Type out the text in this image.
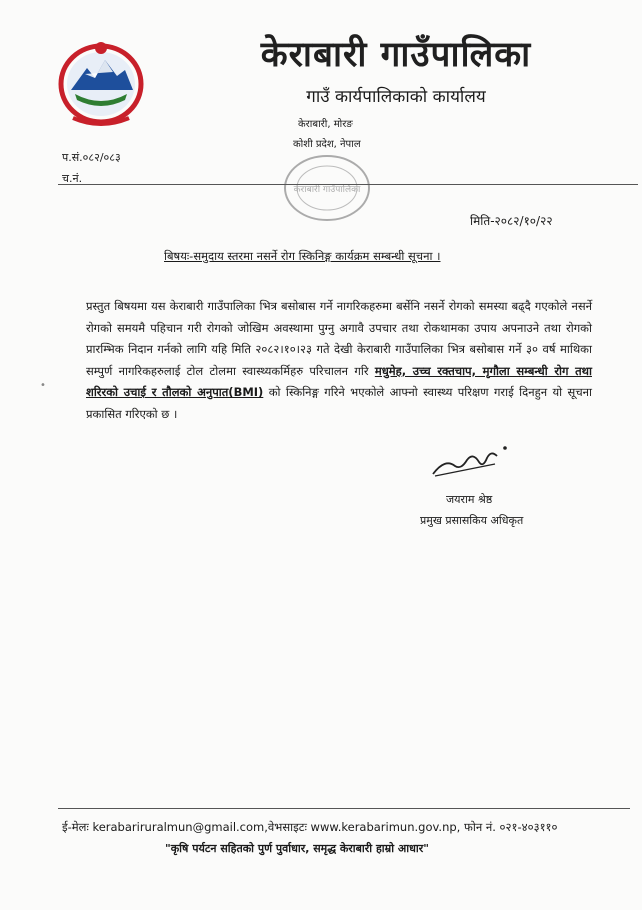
केराबारी गाउँपालिका
गाउँ कार्यपालिकाको कार्यालय
केराबारी, मोरङ
कोशी प्रदेश, नेपाल
प.सं.०८२/०८३
च.नं.
केराबारी गाउँपालिका
मिति-२०८२/१०/२२
बिषयः-समुदाय स्तरमा नसर्ने रोग स्किनिङ्ग कार्यक्रम सम्बन्धी सूचना ।
प्रस्तुत बिषयमा यस केराबारी गाउँपालिका भित्र बसोबास गर्ने नागरिकहरुमा बर्सेनि नसर्ने रोगको समस्या बढ्दै गएकोले नसर्ने रोगको समयमै पहिचान गरी रोगको जोखिम अवस्थामा पुग्नु अगावै उपचार तथा रोकथामका उपाय अपनाउने तथा रोगको प्रारम्भिक निदान गर्नको लागि यहि मिति २०८२।१०।२३ गते देखी केराबारी गाउँपालिका भित्र बसोबास गर्ने ३० वर्ष माथिका सम्पुर्ण नागरिकहरुलाई टोल टोलमा स्वास्थ्यकर्मिहरु परिचालन गरि मधुमेह, उच्च रक्तचाप, मृगौला सम्बन्धी रोग तथा शरिरको उचाई र तौलको अनुपात(BMI) को स्किनिङ्ग गरिने भएकोले आफ्नो स्वास्थ्य परिक्षण गराई दिनहुन यो सूचना प्रकासित गरिएको छ ।
•
जयराम श्रेष्ठ
प्रमुख प्रसासकिय अधिकृत
ई-मेलः kerabariruralmun@gmail.com,वेभसाइटः www.kerabarimun.gov.np, फोन नं. ०२१-४०३११०
"कृषि पर्यटन सहितको पुर्ण पुर्वाधार, समृद्ध केराबारी हाम्रो आधार"
